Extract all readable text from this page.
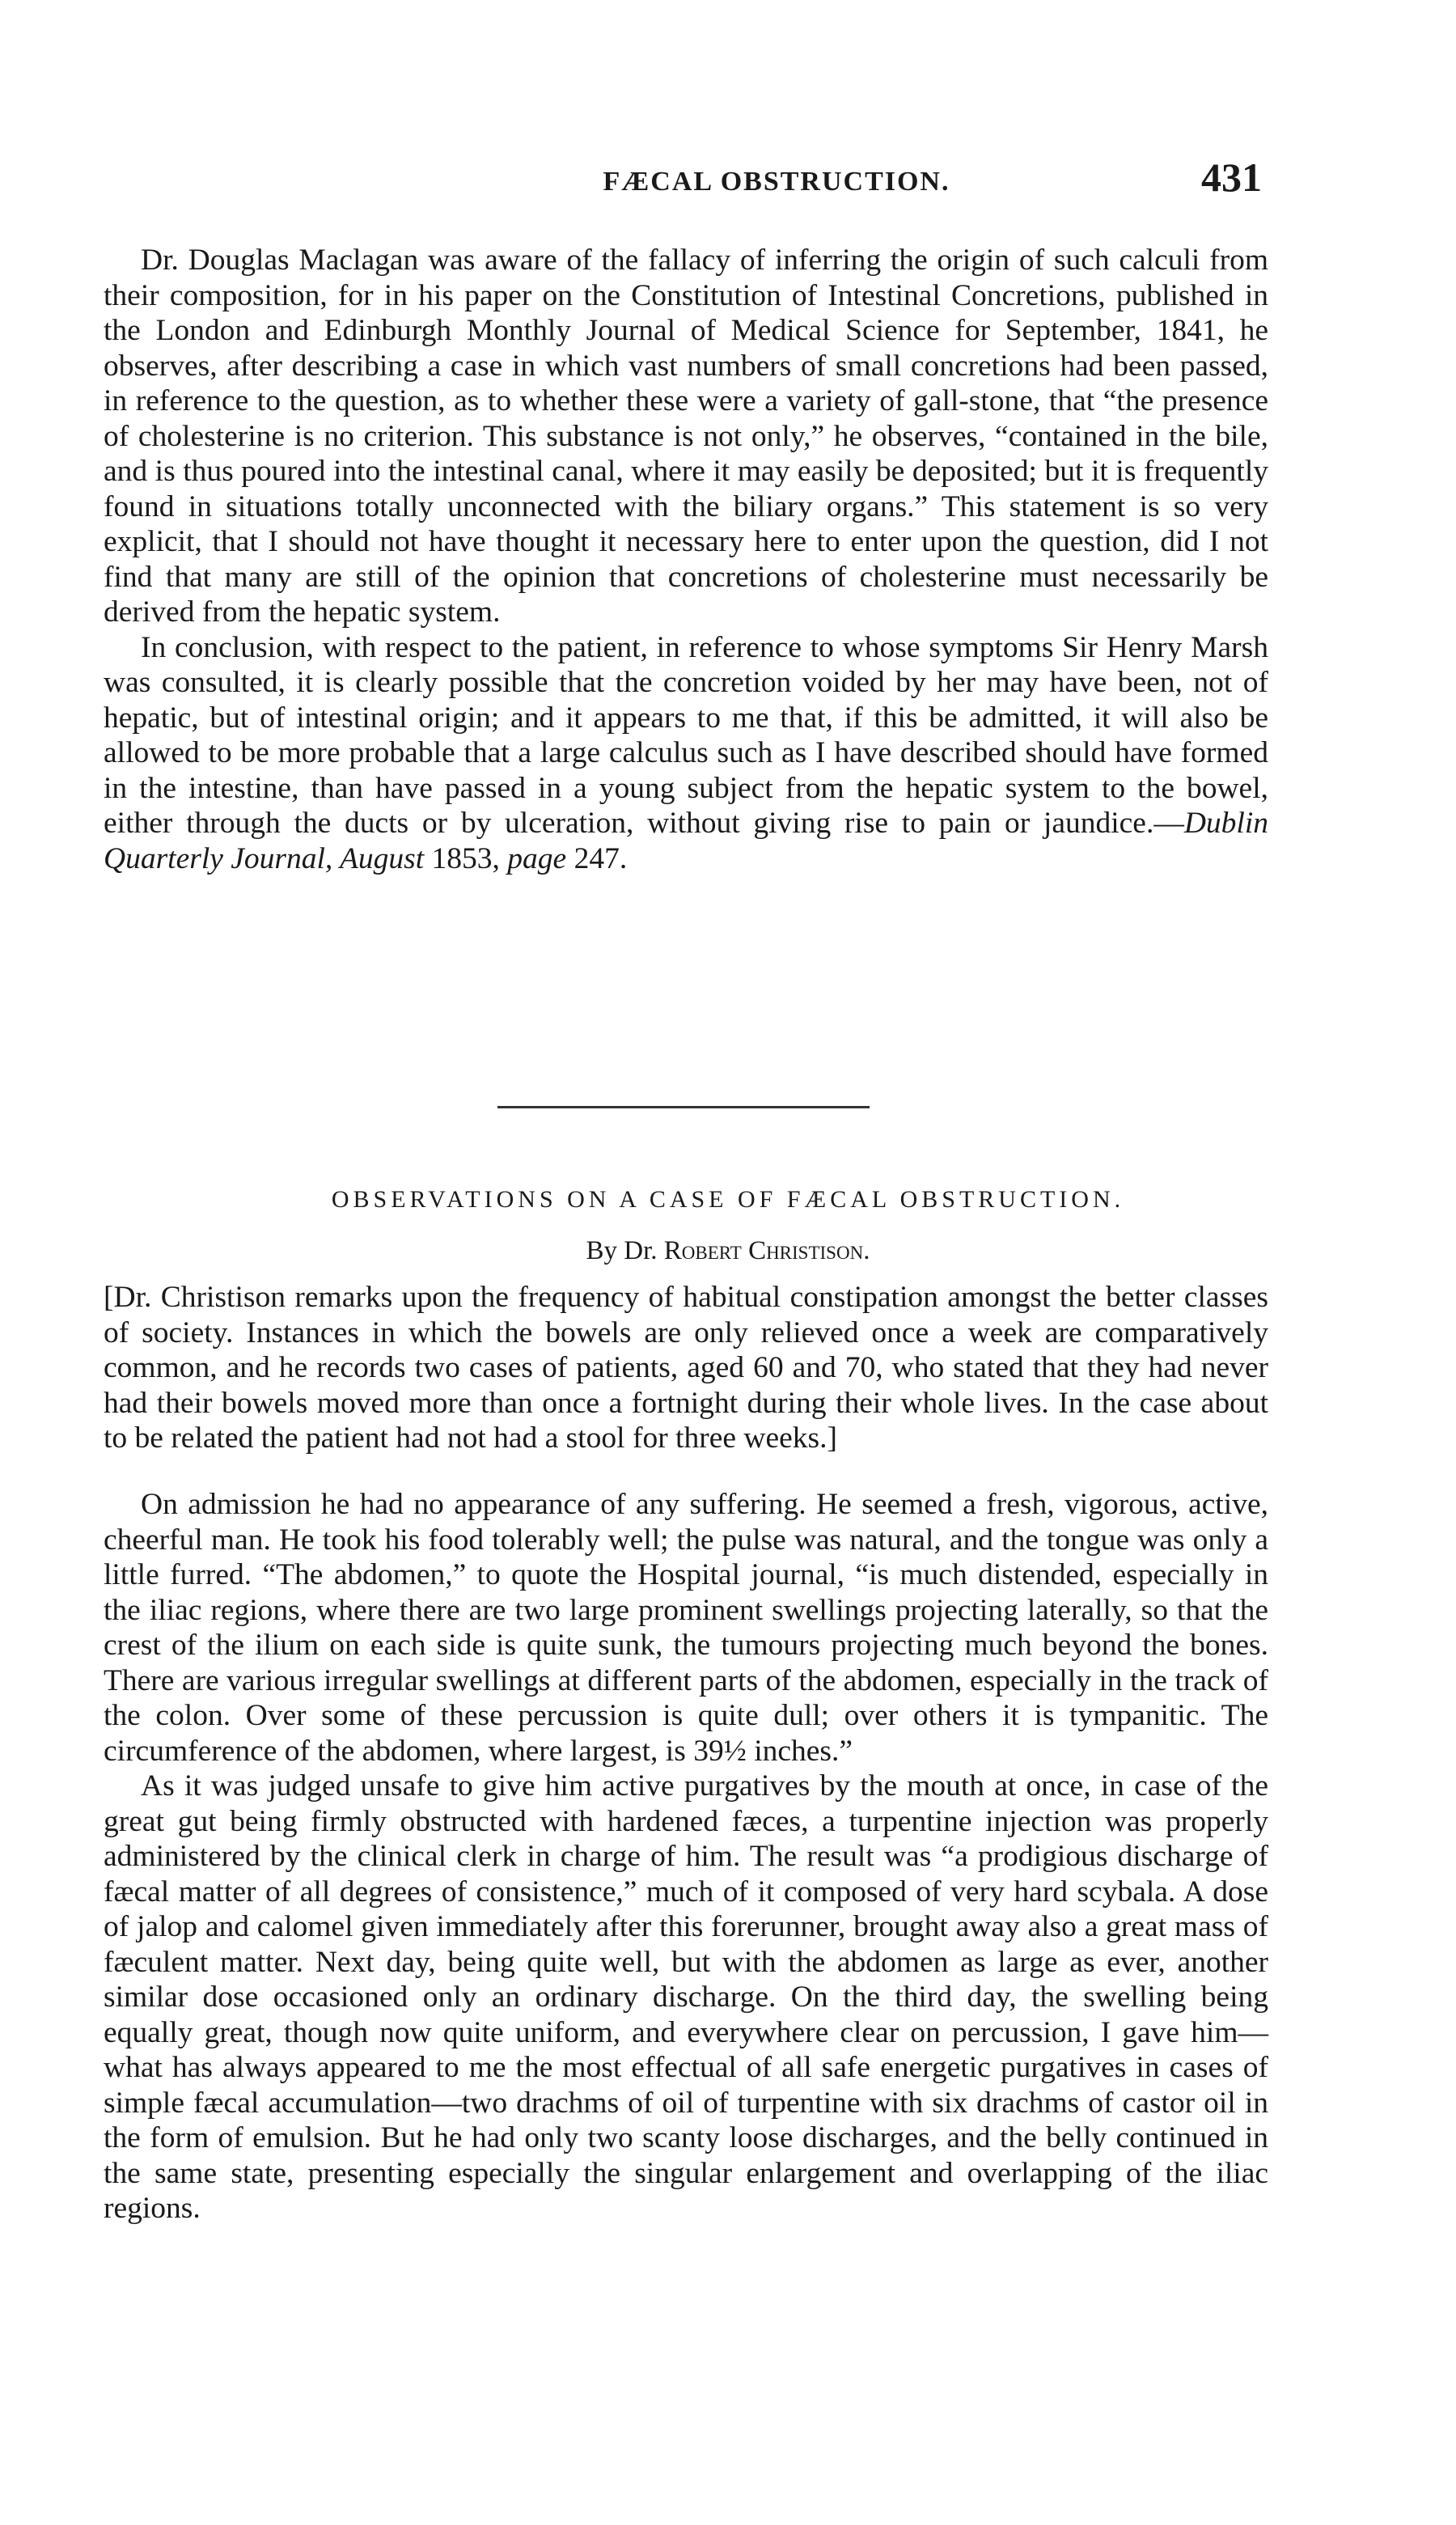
FÆCAL OBSTRUCTION.	431

Dr. Douglas Maclagan was aware of the fallacy of inferring the origin of such calculi from their composition, for in his paper on the Constitution of Intestinal Concretions, published in the London and Edinburgh Monthly Journal of Medical Science for September, 1841, he observes, after describing a case in which vast numbers of small concretions had been passed, in reference to the question, as to whether these were a variety of gall-stone, that “the presence of cholesterine is no criterion. This substance is not only,” he observes, “contained in the bile, and is thus poured into the intestinal canal, where it may easily be deposited; but it is frequently found in situations totally unconnected with the biliary organs.” This statement is so very explicit, that I should not have thought it necessary here to enter upon the question, did I not find that many are still of the opinion that concretions of cholesterine must necessarily be derived from the hepatic system.

In conclusion, with respect to the patient, in reference to whose symptoms Sir Henry Marsh was consulted, it is clearly possible that the concretion voided by her may have been, not of hepatic, but of intestinal origin; and it appears to me that, if this be admitted, it will also be allowed to be more probable that a large calculus such as I have described should have formed in the intestine, than have passed in a young subject from the hepatic system to the bowel, either through the ducts or by ulceration, without giving rise to pain or jaundice.—Dublin Quarterly Journal, August 1853, page 247.

OBSERVATIONS ON A CASE OF FÆCAL OBSTRUCTION.
By Dr. Robert Christison.

[Dr. Christison remarks upon the frequency of habitual constipation amongst the better classes of society. Instances in which the bowels are only relieved once a week are comparatively common, and he records two cases of patients, aged 60 and 70, who stated that they had never had their bowels moved more than once a fortnight during their whole lives. In the case about to be related the patient had not had a stool for three weeks.]

On admission he had no appearance of any suffering. He seemed a fresh, vigorous, active, cheerful man. He took his food tolerably well; the pulse was natural, and the tongue was only a little furred. “The abdomen,” to quote the Hospital journal, “is much distended, especially in the iliac regions, where there are two large prominent swellings projecting laterally, so that the crest of the ilium on each side is quite sunk, the tumours projecting much beyond the bones. There are various irregular swellings at different parts of the abdomen, especially in the track of the colon. Over some of these percussion is quite dull; over others it is tympanitic. The circumference of the abdomen, where largest, is 39½ inches.”

As it was judged unsafe to give him active purgatives by the mouth at once, in case of the great gut being firmly obstructed with hardened fæces, a turpentine injection was properly administered by the clinical clerk in charge of him. The result was “a prodigious discharge of fæcal matter of all degrees of consistence,” much of it composed of very hard scybala. A dose of jalop and calomel given immediately after this forerunner, brought away also a great mass of fæculent matter. Next day, being quite well, but with the abdomen as large as ever, another similar dose occasioned only an ordinary discharge. On the third day, the swelling being equally great, though now quite uniform, and everywhere clear on percussion, I gave him—what has always appeared to me the most effectual of all safe energetic purgatives in cases of simple fæcal accumulation—two drachms of oil of turpentine with six drachms of castor oil in the form of emulsion. But he had only two scanty loose discharges, and the belly continued in the same state, presenting especially the singular enlargement and overlapping of the iliac regions.
